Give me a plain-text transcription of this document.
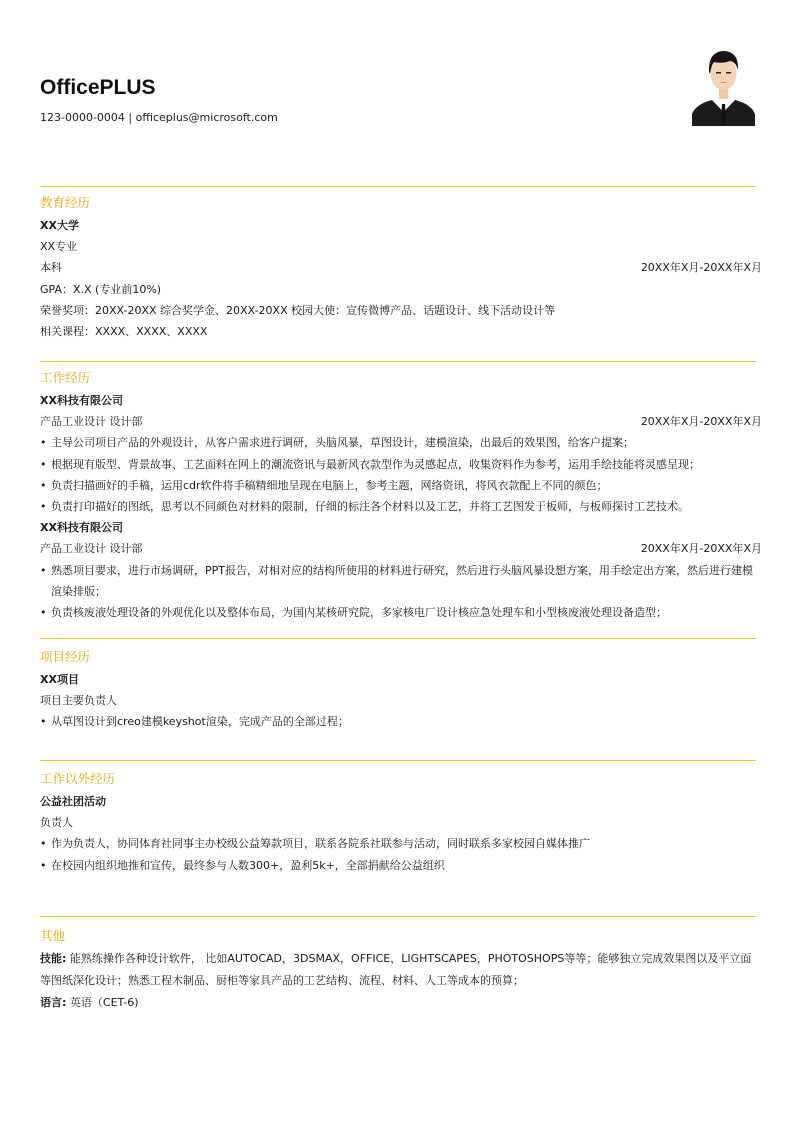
OfficePLUS
123-0000-0004 | officeplus@microsoft.com
教育经历
XX大学
XX专业
本科	20XX年X月-20XX年X月
GPA：X.X (专业前10%)
荣誉奖项：20XX-20XX 综合奖学金、20XX-20XX 校园大使：宣传微博产品、话题设计、线下活动设计等
相关课程：XXXX、XXXX、XXXX
工作经历
XX科技有限公司
产品工业设计 设计部	20XX年X月-20XX年X月
• 主导公司项目产品的外观设计，从客户需求进行调研，头脑风暴，草图设计，建模渲染，出最后的效果图，给客户提案；
• 根据现有版型、背景故事、工艺面料在网上的潮流资讯与最新风衣款型作为灵感起点，收集资料作为参考，运用手绘技能将灵感呈现；
• 负责扫描画好的手稿，运用cdr软件将手稿精细地呈现在电脑上，参考主题，网络资讯，将风衣款配上不同的颜色；
• 负责打印描好的图纸，思考以不同颜色对材料的限制，仔细的标注各个材料以及工艺，并将工艺图发于板师，与板师探讨工艺技术。
XX科技有限公司
产品工业设计 设计部	20XX年X月-20XX年X月
• 熟悉项目要求，进行市场调研，PPT报告，对相对应的结构所使用的材料进行研究，然后进行头脑风暴设想方案，用手绘定出方案，然后进行建模渲染排版；
• 负责核废液处理设备的外观优化以及整体布局，为国内某核研究院，多家核电厂设计核应急处理车和小型核废液处理设备造型；
项目经历
XX项目
项目主要负责人
• 从草图设计到creo建模keyshot渲染，完成产品的全部过程；
工作以外经历
公益社团活动
负责人
• 作为负责人，协同体育社同事主办校级公益筹款项目，联系各院系社联参与活动，同时联系多家校园自媒体推广
• 在校园内组织地推和宣传，最终参与人数300+，盈利5k+，全部捐献给公益组织
其他
技能: 能熟练操作各种设计软件， 比如AUTOCAD，3DSMAX，OFFICE，LIGHTSCAPES，PHOTOSHOPS等等；能够独立完成效果图以及平立面等图纸深化设计；熟悉工程木制品、厨柜等家具产品的工艺结构、流程、材料、人工等成本的预算；
语言: 英语（CET-6)
